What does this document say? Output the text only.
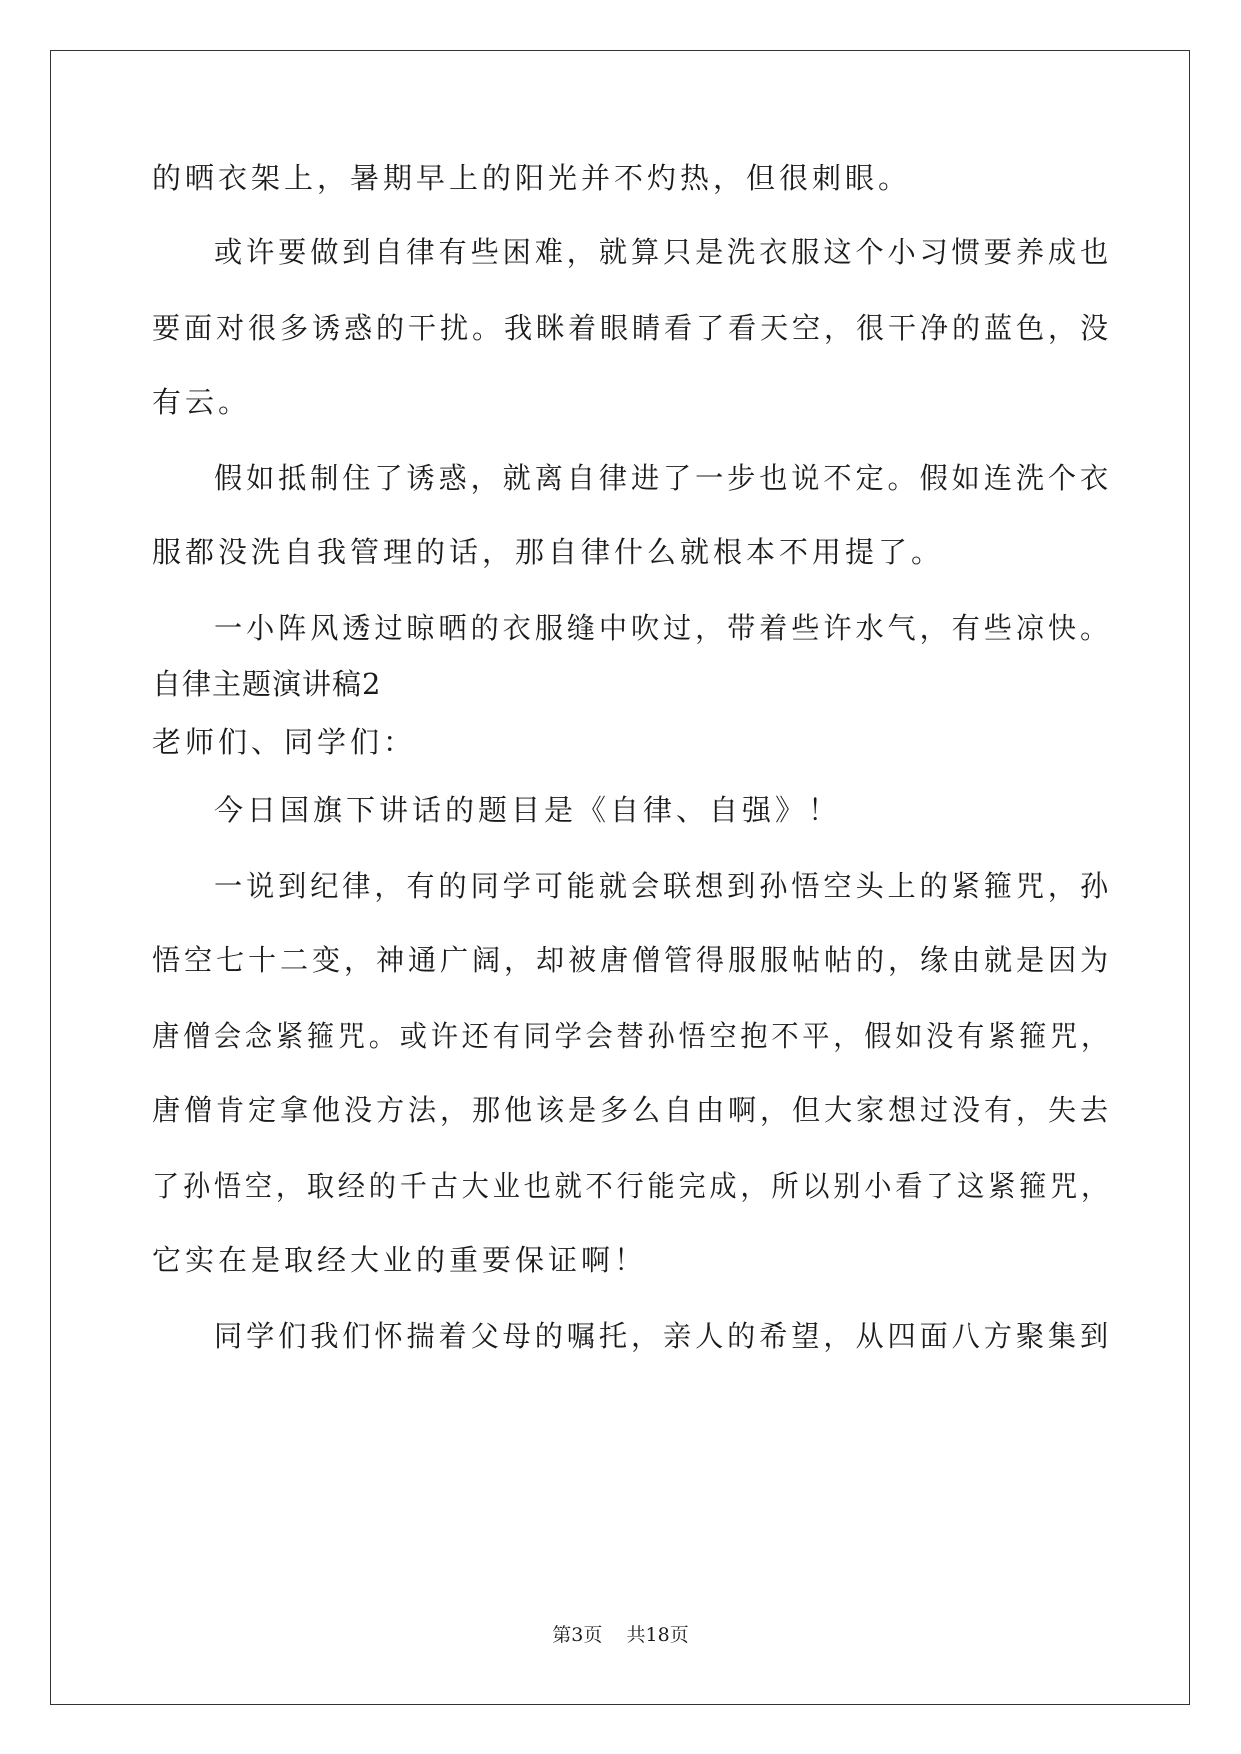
的晒衣架上，暑期早上的阳光并不灼热，但很刺眼。
或许要做到自律有些困难，就算只是洗衣服这个小习惯要养成也
要面对很多诱惑的干扰。我眯着眼睛看了看天空，很干净的蓝色，没
有云。
假如抵制住了诱惑，就离自律进了一步也说不定。假如连洗个衣
服都没洗自我管理的话，那自律什么就根本不用提了。
一小阵风透过晾晒的衣服缝中吹过，带着些许水气，有些凉快。
自律主题演讲稿2
老师们、同学们：
今日国旗下讲话的题目是《自律、自强》！
一说到纪律，有的同学可能就会联想到孙悟空头上的紧箍咒，孙
悟空七十二变，神通广阔，却被唐僧管得服服帖帖的，缘由就是因为
唐僧会念紧箍咒。或许还有同学会替孙悟空抱不平，假如没有紧箍咒，
唐僧肯定拿他没方法，那他该是多么自由啊，但大家想过没有，失去
了孙悟空，取经的千古大业也就不行能完成，所以别小看了这紧箍咒，
它实在是取经大业的重要保证啊！
同学们我们怀揣着父母的嘱托，亲人的希望，从四面八方聚集到
第3页    共18页
